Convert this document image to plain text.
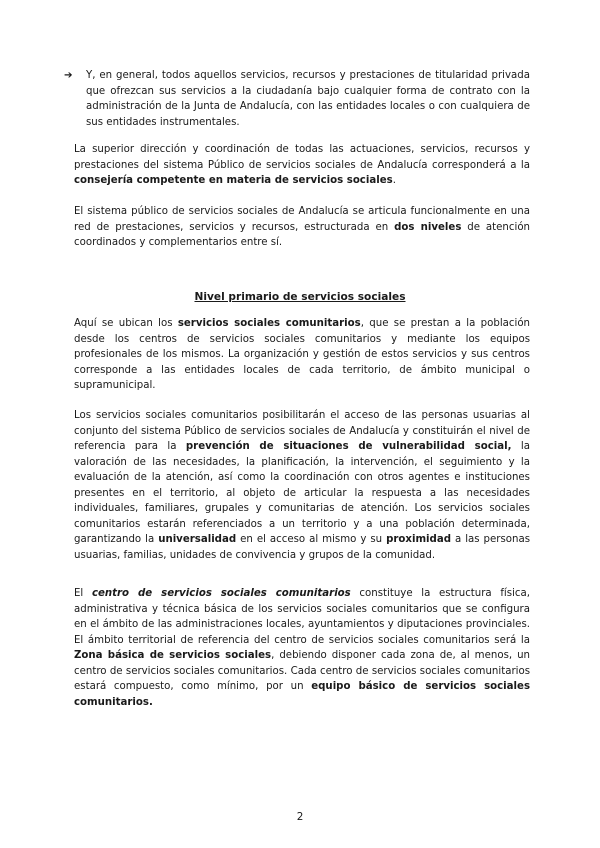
➔	Y, en general, todos aquellos servicios, recursos y prestaciones de titularidad privada que ofrezcan sus servicios a la ciudadanía bajo cualquier forma de contrato con la administración de la Junta de Andalucía, con las entidades locales o con cualquiera de sus entidades instrumentales.

La superior dirección y coordinación de todas las actuaciones, servicios, recursos y prestaciones del sistema Público de servicios sociales de Andalucía corresponderá a la consejería competente en materia de servicios sociales.

El sistema público de servicios sociales de Andalucía se articula funcionalmente en una red de prestaciones, servicios y recursos, estructurada en dos niveles de atención coordinados y complementarios entre sí.

Nivel primario de servicios sociales

Aquí se ubican los servicios sociales comunitarios, que se prestan a la población desde los centros de servicios sociales comunitarios y mediante los equipos profesionales de los mismos. La organización y gestión de estos servicios y sus centros corresponde a las entidades locales de cada territorio, de ámbito municipal o supramunicipal.

Los servicios sociales comunitarios posibilitarán el acceso de las personas usuarias al conjunto del sistema Público de servicios sociales de Andalucía y constituirán el nivel de referencia para la prevención de situaciones de vulnerabilidad social, la valoración de las necesidades, la planificación, la intervención, el seguimiento y la evaluación de la atención, así como la coordinación con otros agentes e instituciones presentes en el territorio, al objeto de articular la respuesta a las necesidades individuales, familiares, grupales y comunitarias de atención. Los servicios sociales comunitarios estarán referenciados a un territorio y a una población determinada, garantizando la universalidad en el acceso al mismo y su proximidad a las personas usuarias, familias, unidades de convivencia y grupos de la comunidad.

El centro de servicios sociales comunitarios constituye la estructura física, administrativa y técnica básica de los servicios sociales comunitarios que se configura en el ámbito de las administraciones locales, ayuntamientos y diputaciones provinciales. El ámbito territorial de referencia del centro de servicios sociales comunitarios será la Zona básica de servicios sociales, debiendo disponer cada zona de, al menos, un centro de servicios sociales comunitarios. Cada centro de servicios sociales comunitarios estará compuesto, como mínimo, por un equipo básico de servicios sociales comunitarios.

2
